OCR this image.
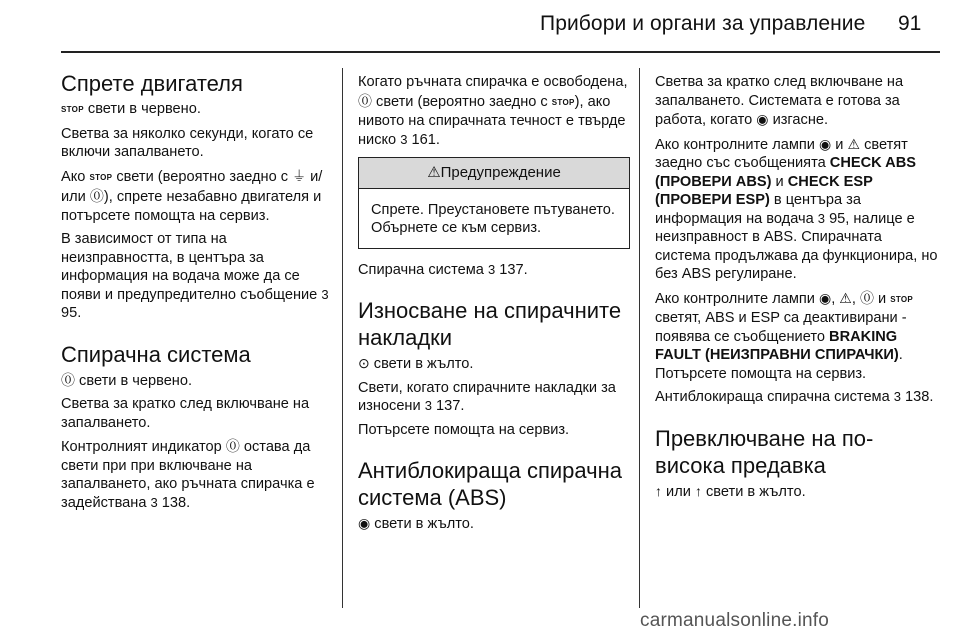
Прибори и органи за управление	91
Спрете двигателя

STOP свети в червено.

Светва за няколко секунди, когато се включи запалването.

Ако STOP свети (вероятно заедно с ⏚ и/или ⓪), спрете незабавно двигателя и потърсете помощта на сервиз.

В зависимост от типа на неизправността, в центъра за информация на водача може да се появи и предупредително съобщение 3 95.

Спирачна система

⓪ свети в червено.

Светва за кратко след включване на запалването.

Контролният индикатор ⓪ остава да свети при при включване на запалването, ако ръчната спирачка е задействана 3 138.

Когато ръчната спирачка е освободена, ⓪ свети (вероятно заедно с STOP), ако нивото на спирачната течност е твърде ниско 3 161.

⚠Предупреждение
Спрете. Преустановете пътуването. Обърнете се към сервиз.

Спирачна система 3 137.

Износване на спирачните накладки

⊙ свети в жълто.

Свети, когато спирачните накладки за износени 3 137.

Потърсете помощта на сервиз.

Антиблокираща спирачна система (ABS)

◉ свети в жълто.

Светва за кратко след включване на запалването. Системата е готова за работа, когато ◉ изгасне.

Ако контролните лампи ◉ и ⚠ светят заедно със съобщенията CHECK ABS (ПРОВЕРИ ABS) и CHECK ESP (ПРОВЕРИ ESP) в центъра за информация на водача 3 95, налице е неизправност в ABS. Спирачната система продължава да функционира, но без ABS регулиране.

Ако контролните лампи ◉, ⚠, ⓪ и STOP светят, ABS и ESP са деактивирани - появява се съобщението BRAKING FAULT (НЕИЗПРАВНИ СПИРАЧКИ). Потърсете помощта на сервиз.

Антиблокираща спирачна система 3 138.

Превключване на по-висока предавка

↑ или ↑ свети в жълто.

carmanualsonline.info
